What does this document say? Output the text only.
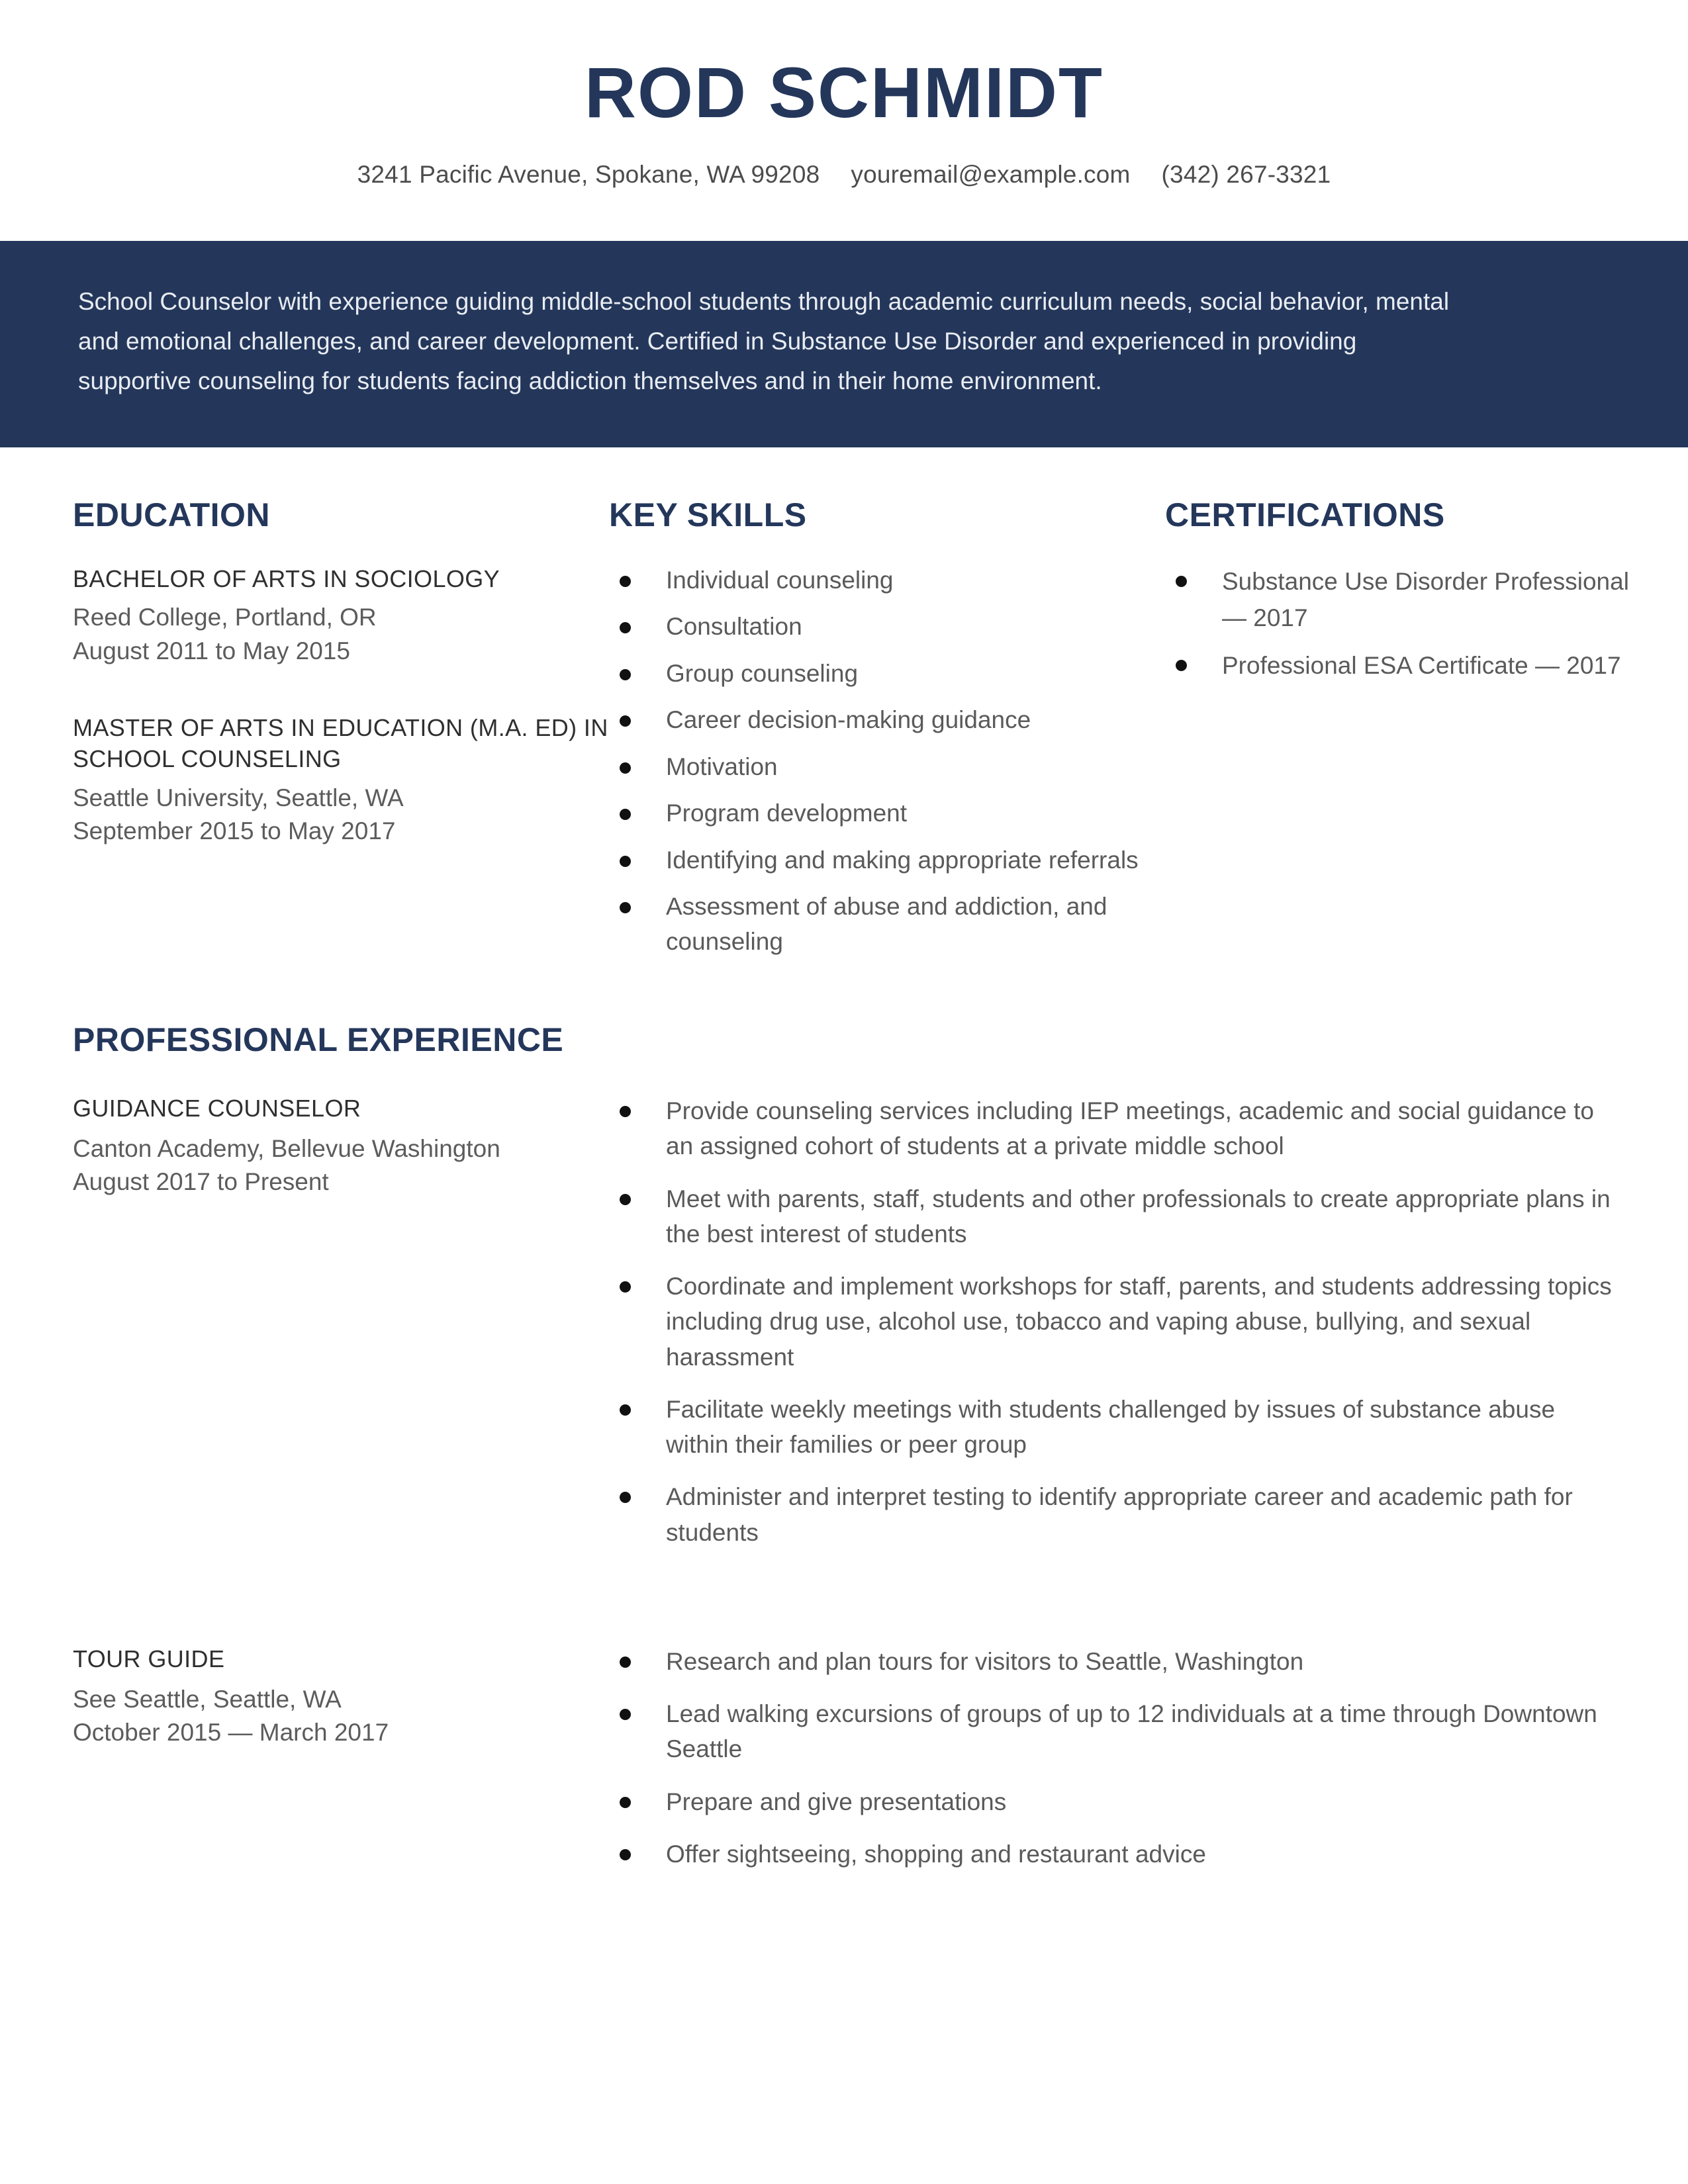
ROD SCHMIDT
3241 Pacific Avenue, Spokane, WA 99208 youremail@example.com (342) 267-3321
School Counselor with experience guiding middle-school students through academic curriculum needs, social behavior, mental and emotional challenges, and career development. Certified in Substance Use Disorder and experienced in providing supportive counseling for students facing addiction themselves and in their home environment.
EDUCATION
BACHELOR OF ARTS IN SOCIOLOGY
Reed College, Portland, OR
August 2011 to May 2015
MASTER OF ARTS IN EDUCATION (M.A. ED) IN SCHOOL COUNSELING
Seattle University, Seattle, WA
September 2015 to May 2017
KEY SKILLS
Individual counseling
Consultation
Group counseling
Career decision-making guidance
Motivation
Program development
Identifying and making appropriate referrals
Assessment of abuse and addiction, and counseling
CERTIFICATIONS
Substance Use Disorder Professional — 2017
Professional ESA Certificate — 2017
PROFESSIONAL EXPERIENCE
GUIDANCE COUNSELOR
Canton Academy, Bellevue Washington
August 2017 to Present
Provide counseling services including IEP meetings, academic and social guidance to an assigned cohort of students at a private middle school
Meet with parents, staff, students and other professionals to create appropriate plans in the best interest of students
Coordinate and implement workshops for staff, parents, and students addressing topics including drug use, alcohol use, tobacco and vaping abuse, bullying, and sexual harassment
Facilitate weekly meetings with students challenged by issues of substance abuse within their families or peer group
Administer and interpret testing to identify appropriate career and academic path for students
TOUR GUIDE
See Seattle, Seattle, WA
October 2015 — March 2017
Research and plan tours for visitors to Seattle, Washington
Lead walking excursions of groups of up to 12 individuals at a time through Downtown Seattle
Prepare and give presentations
Offer sightseeing, shopping and restaurant advice
